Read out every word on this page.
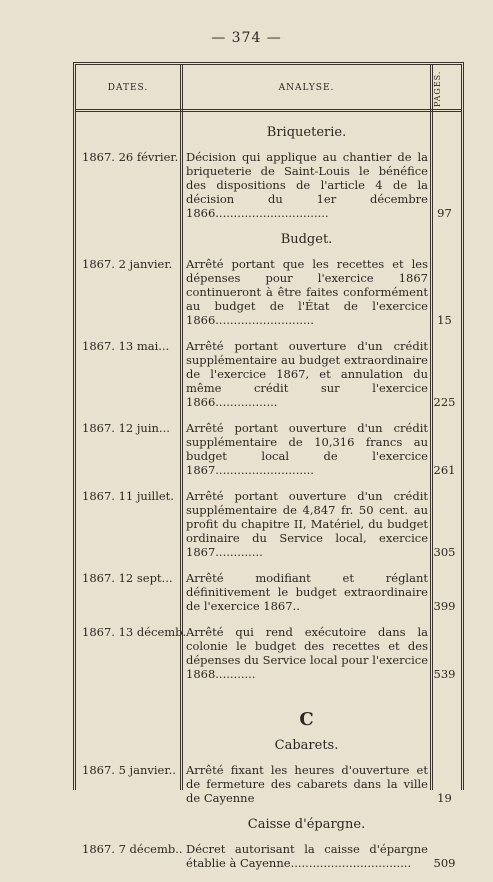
— 374 —
DATES.	ANALYSE.	PAGES.
Briqueterie.
1867. 26 février. Décision qui applique au chantier de la briqueterie de Saint-Louis le bénéfice des dispositions de l'article 4 de la décision du 1er décembre 1866...............................	97
Budget.
1867. 2 janvier.	Arrêté portant que les recettes et les dépenses pour l'exercice 1867 continueront à être faites conformément au budget de l'État de l'exercice 1866...........................	15
1867. 13 mai...	Arrêté portant ouverture d'un crédit supplémentaire au budget extraordinaire de l'exercice 1867, et annulation du même crédit sur l'exercice 1866.................	225
1867. 12 juin...	Arrêté portant ouverture d'un crédit supplémentaire de 10,316 francs au budget local de l'exercice 1867...........................	261
1867. 11 juillet.	Arrêté portant ouverture d'un crédit supplémentaire de 4,847 fr. 50 cent. au profit du chapitre II, Matériel, du budget ordinaire du Service local, exercice 1867.............	305
1867. 12 sept...	Arrêté modifiant et réglant définitivement le budget extraordinaire de l'exercice 1867..	399
1867. 13 décemb. Arrêté qui rend exécutoire dans la colonie le budget des recettes et des dépenses du Service local pour l'exercice 1868...........	539
C
Cabarets.
1867. 5 janvier.. Arrêté fixant les heures d'ouverture et de fermeture des cabarets dans la ville de Cayenne	19
Caisse d'épargne.
1867. 7 décemb.. Décret autorisant la caisse d'épargne établie à Cayenne.................................	509
